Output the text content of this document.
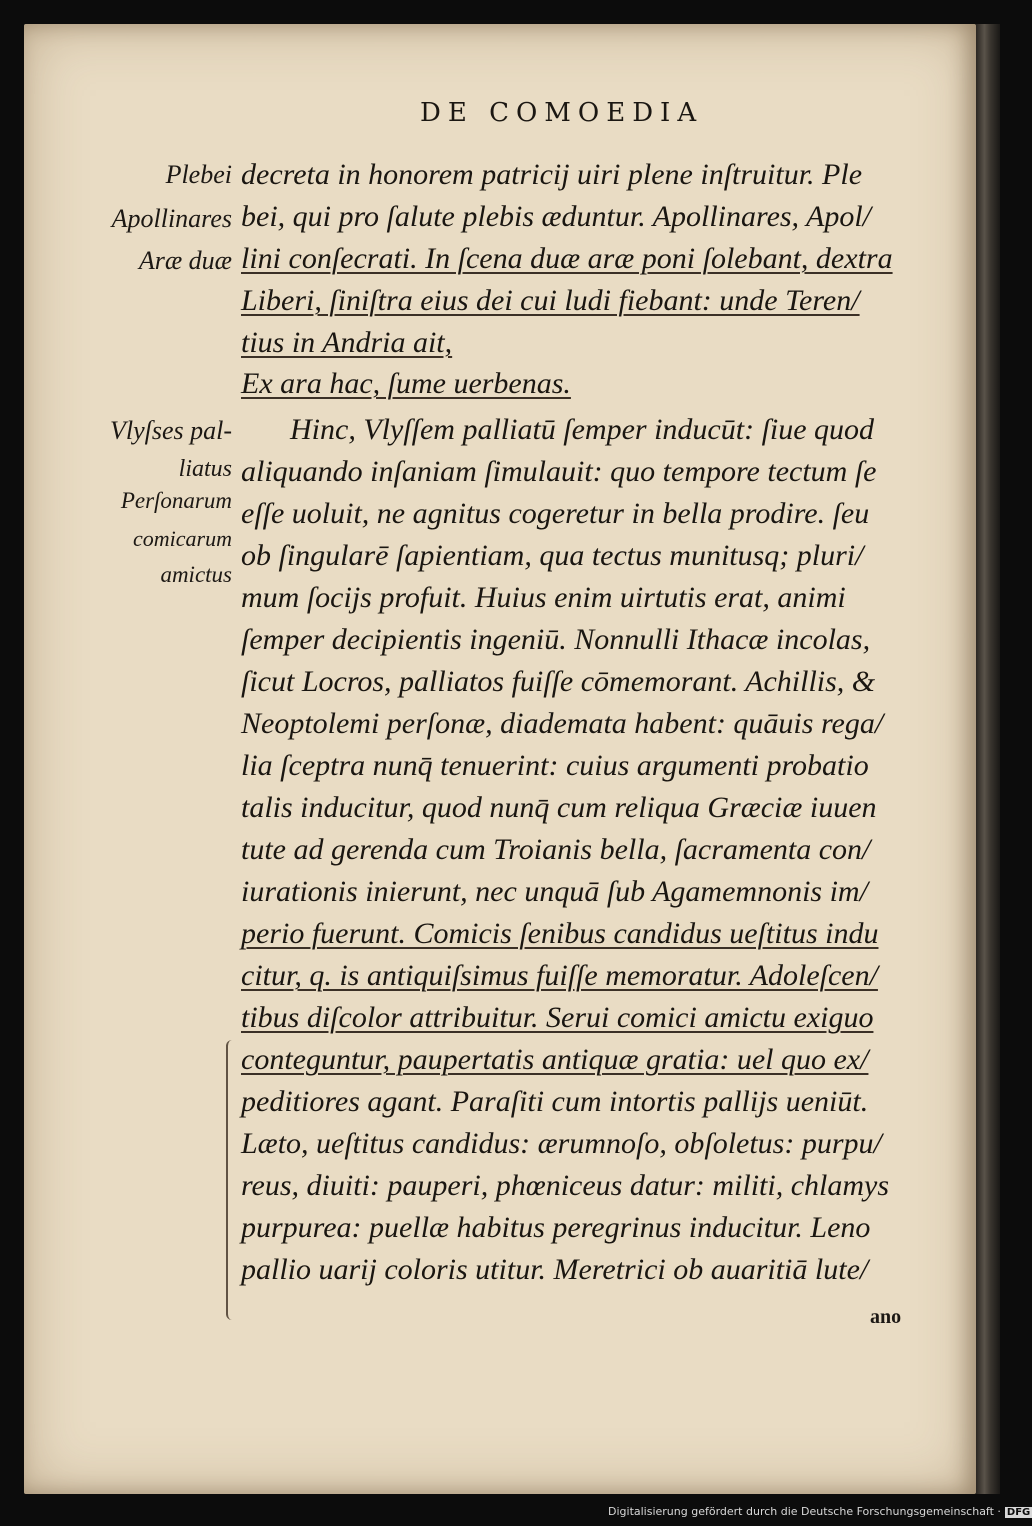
DE COMOEDIA
Plebei
Apollinares
Aræ duæ
Vlyſses pal-
liatus
Perſonarum
comicarum
amictus
decreta in honorem patricij uiri plene inſtruitur. Ple
bei, qui pro ſalute plebis æduntur. Apollinares, Apol/
lini conſecrati. In ſcena duæ aræ poni ſolebant, dextra
Liberi, ſiniſtra eius dei cui ludi fiebant: unde Teren/
tius in Andria ait,
Ex ara hac, ſume uerbenas.
Hinc, Vlyſſem palliatū ſemper inducūt: ſiue quod
aliquando inſaniam ſimulauit: quo tempore tectum ſe
eſſe uoluit, ne agnitus cogeretur in bella prodire. ſeu
ob ſingularē ſapientiam, qua tectus munitusq; pluri/
mum ſocijs profuit. Huius enim uirtutis erat, animi
ſemper decipientis ingeniū. Nonnulli Ithacæ incolas,
ſicut Locros, palliatos fuiſſe cōmemorant. Achillis, &
Neoptolemi perſonæ, diademata habent: quāuis rega/
lia ſceptra nunq̄ tenuerint: cuius argumenti probatio
talis inducitur, quod nunq̄ cum reliqua Græciæ iuuen
tute ad gerenda cum Troianis bella, ſacramenta con/
iurationis inierunt, nec unquā ſub Agamemnonis im/
perio fuerunt. Comicis ſenibus candidus ueſtitus indu
citur, q. is antiquiſsimus fuiſſe memoratur. Adoleſcen/
tibus diſcolor attribuitur. Serui comici amictu exiguo
conteguntur, paupertatis antiquæ gratia: uel quo ex/
peditiores agant. Paraſiti cum intortis pallijs ueniūt.
Læto, ueſtitus candidus: ærumnoſo, obſoletus: purpu/
reus, diuiti: pauperi, phœniceus datur: militi, chlamys
purpurea: puellæ habitus peregrinus inducitur. Leno
pallio uarij coloris utitur. Meretrici ob auaritiā lute/
ano
Digitalisierung gefördert durch die Deutsche Forschungsgemeinschaft · DFG
